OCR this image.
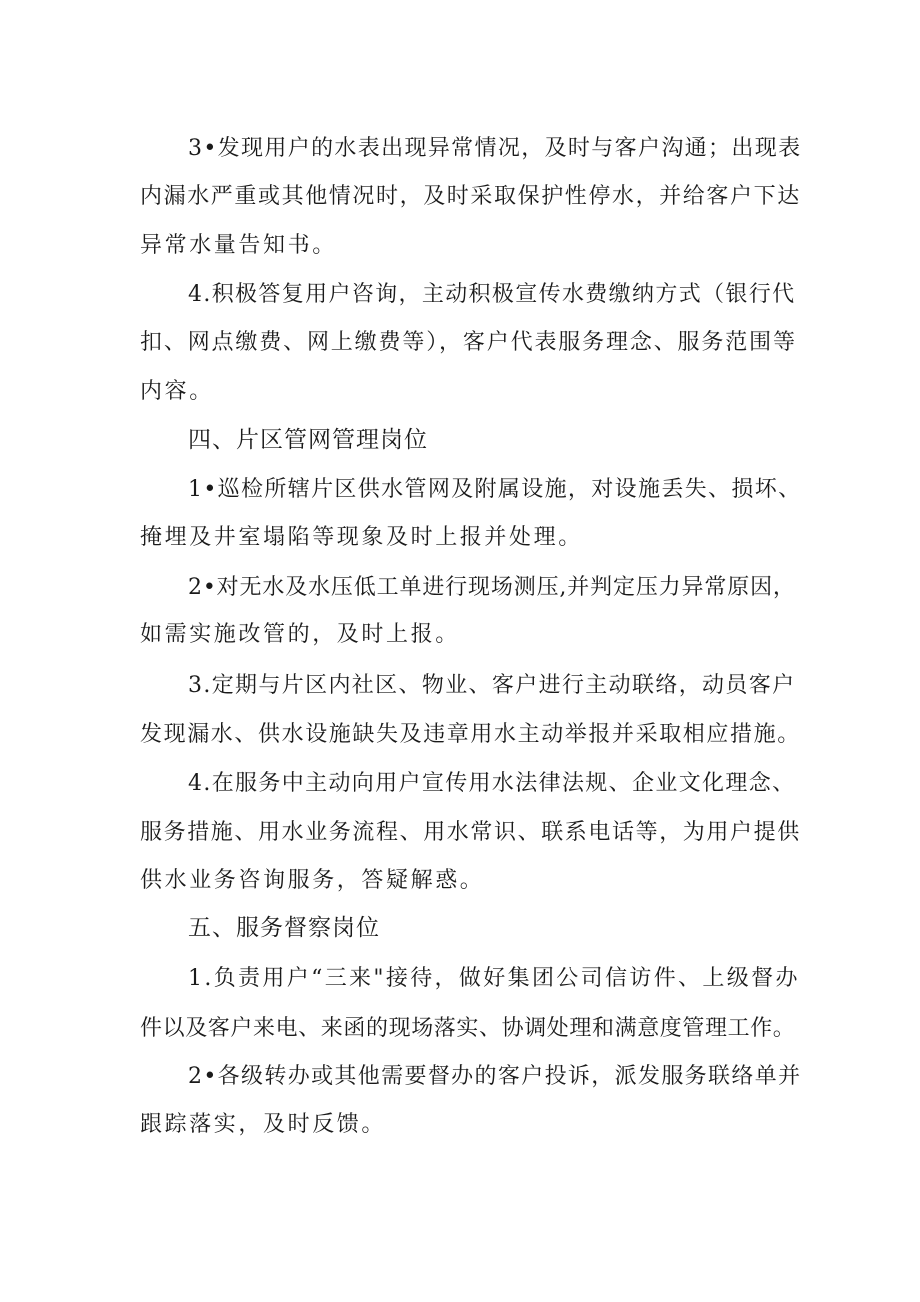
3•发现用户的水表出现异常情况，及时与客户沟通；出现表
内漏水严重或其他情况时，及时采取保护性停水，并给客户下达
异常水量告知书。
4.积极答复用户咨询，主动积极宣传水费缴纳方式（银行代
扣、网点缴费、网上缴费等），客户代表服务理念、服务范围等
内容。
四、片区管网管理岗位
1•巡检所辖片区供水管网及附属设施，对设施丢失、损坏、
掩埋及井室塌陷等现象及时上报并处理。
2•对无水及水压低工单进行现场测压,并判定压力异常原因，
如需实施改管的，及时上报。
3.定期与片区内社区、物业、客户进行主动联络，动员客户
发现漏水、供水设施缺失及违章用水主动举报并采取相应措施。
4.在服务中主动向用户宣传用水法律法规、企业文化理念、
服务措施、用水业务流程、用水常识、联系电话等，为用户提供
供水业务咨询服务，答疑解惑。
五、服务督察岗位
1.负责用户“三来"接待，做好集团公司信访件、上级督办
件以及客户来电、来函的现场落实、协调处理和满意度管理工作。
2•各级转办或其他需要督办的客户投诉，派发服务联络单并
跟踪落实，及时反馈。
